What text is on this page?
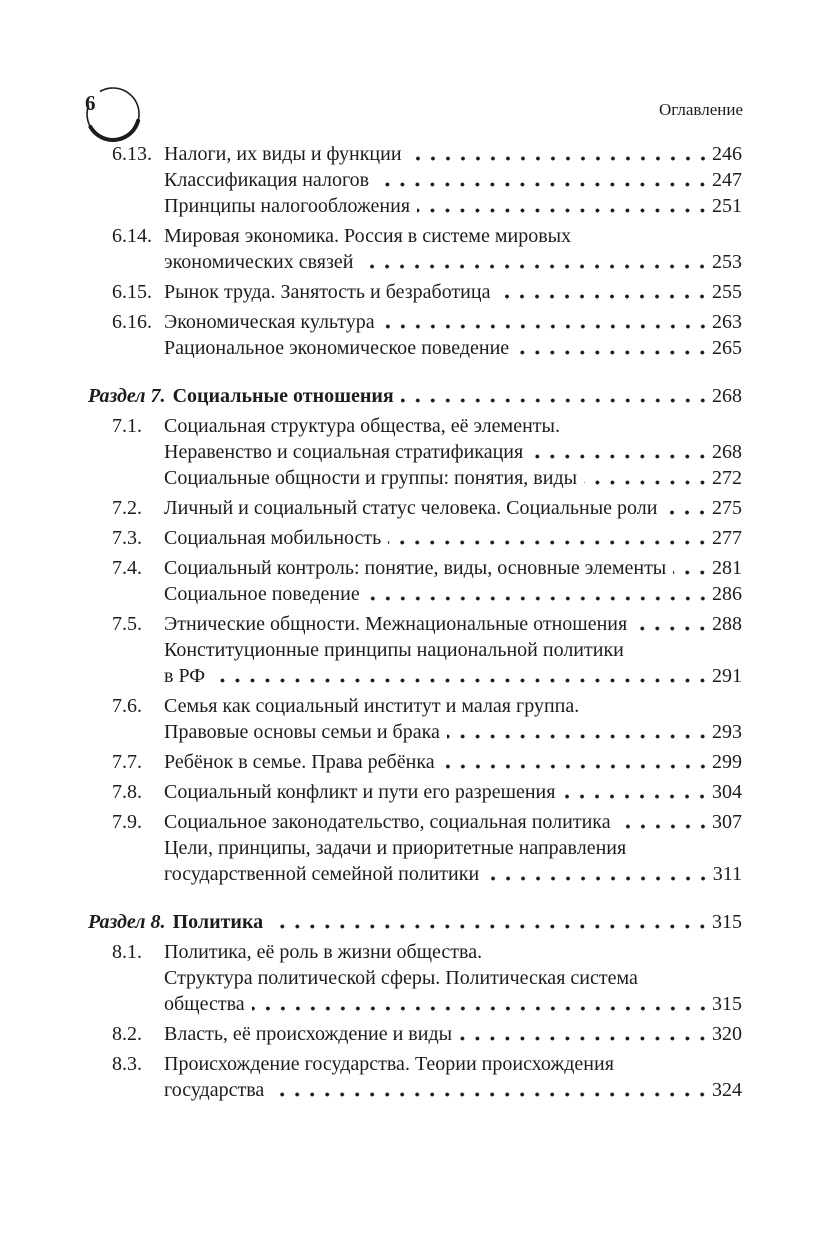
6	Оглавление
6.13. Налоги, их виды и функции	246
Классификация налогов	247
Принципы налогообложения	251
6.14. Мировая экономика. Россия в системе мировых
экономических связей	253
6.15. Рынок труда. Занятость и безработица	255
6.16. Экономическая культура	263
Рациональное экономическое поведение	265
Раздел 7. Социальные отношения	268
7.1.	Социальная структура общества, её элементы.
Неравенство и социальная стратификация	268
Социальные общности и группы: понятия, виды	272
7.2.	Личный и социальный статус человека. Социальные роли	275
7.3.	Социальная мобильность	277
7.4.	Социальный контроль: понятие, виды, основные элементы 281
Социальное поведение	286
7.5.	Этнические общности. Межнациональные отношения	288
Конституционные принципы национальной политики
в РФ	291
7.6.	Семья как социальный институт и малая группа.
Правовые основы семьи и брака	293
7.7.	Ребёнок в семье. Права ребёнка	299
7.8.	Социальный конфликт и пути его разрешения	304
7.9.	Социальное законодательство, социальная политика	307
Цели, принципы, задачи и приоритетные направления
государственной семейной политики	311
Раздел 8. Политика	315
8.1.	Политика, её роль в жизни общества.
Структура политической сферы. Политическая система
общества	315
8.2.	Власть, её происхождение и виды	320
8.3.	Происхождение государства. Теории происхождения
государства	324
